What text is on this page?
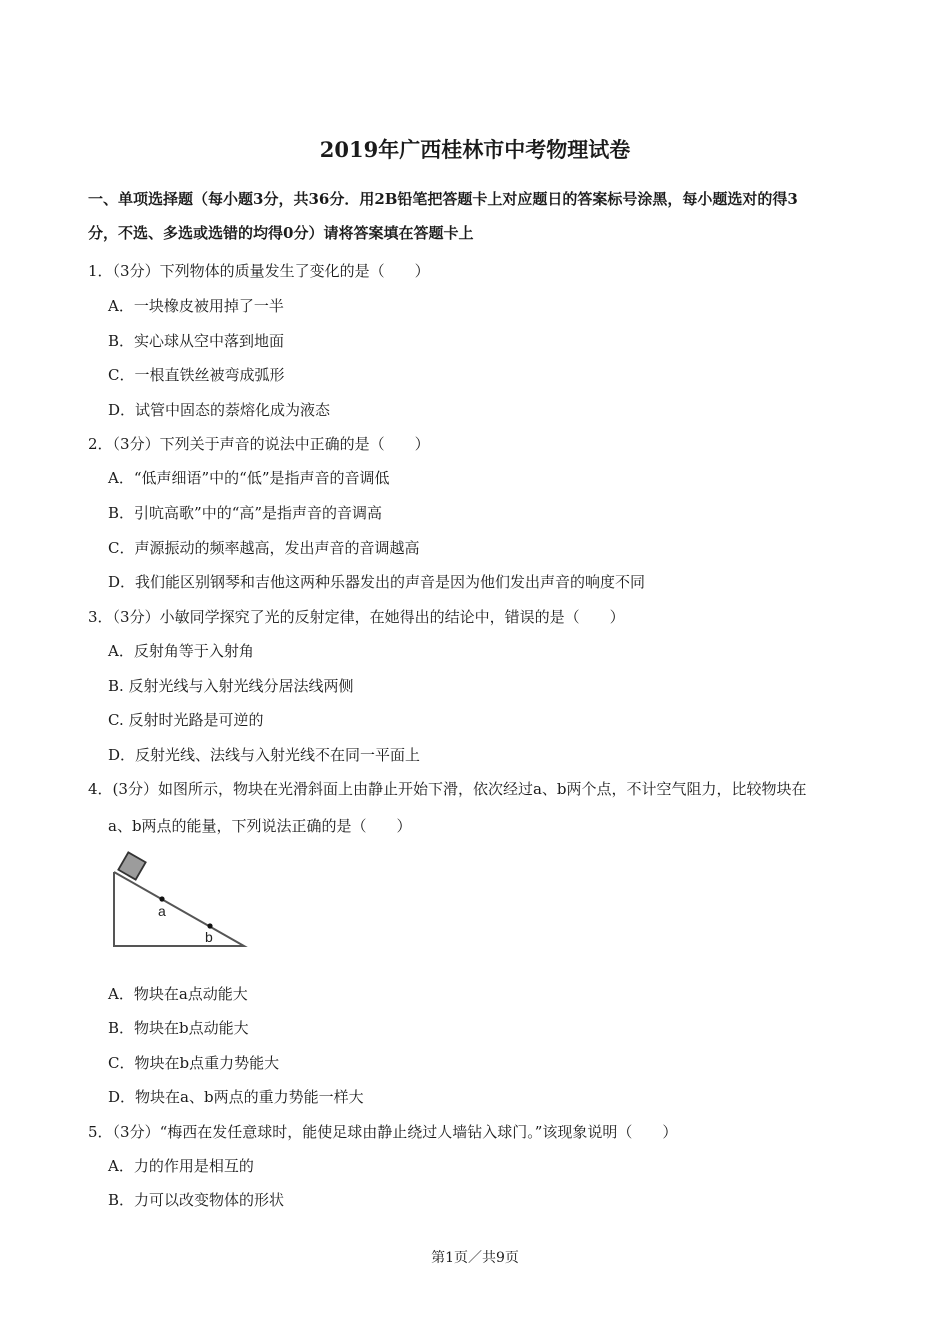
2019年广西桂林市中考物理试卷
一、单项选择题（每小题3分，共36分．用2B铅笔把答题卡上对应题日的答案标号涂黑，每小题选对的得3
分，不选、多选或选错的均得0分）请将答案填在答题卡上
1．（3分）下列物体的质量发生了变化的是（　　）
A．一块橡皮被用掉了一半
B．实心球从空中落到地面
C．一根直铁丝被弯成弧形
D．试管中固态的萘熔化成为液态
2．（3分）下列关于声音的说法中正确的是（　　）
A．“低声细语”中的“低”是指声音的音调低
B．引吭高歌”中的“高”是指声音的音调高
C．声源振动的频率越高，发出声音的音调越高
D．我们能区别钢琴和吉他这两种乐器发出的声音是因为他们发出声音的响度不同
3．（3分）小敏同学探究了光的反射定律，在她得出的结论中，错误的是（　　）
A．反射角等于入射角
B. 反射光线与入射光线分居法线两侧
C. 反射时光路是可逆的
D．反射光线、法线与入射光线不在同一平面上
4．(3分）如图所示，物块在光滑斜面上由静止开始下滑，依次经过a、b两个点，不计空气阻力，比较物块在
a、b两点的能量，下列说法正确的是（　　）
a
b
A．物块在a点动能大
B．物块在b点动能大
C．物块在b点重力势能大
D．物块在a、b两点的重力势能一样大
5．（3分）“梅西在发任意球时，能使足球由静止绕过人墙钻入球门。”该现象说明（　　）
A．力的作用是相互的
B．力可以改变物体的形状
第1页／共9页
